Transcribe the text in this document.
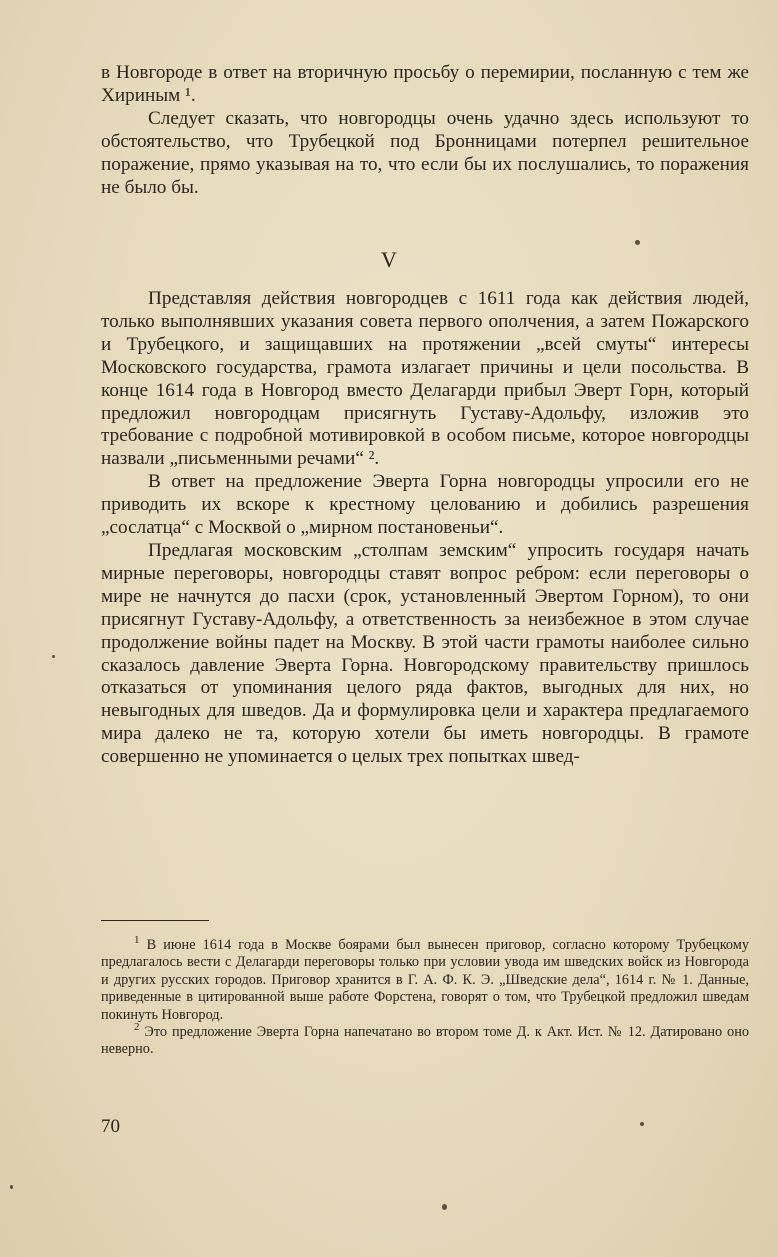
в Новгороде в ответ на вторичную просьбу о перемирии, посланную с тем же Хириным ¹.

Следует сказать, что новгородцы очень удачно здесь используют то обстоятельство, что Трубецкой под Бронницами потерпел решительное поражение, прямо указывая на то, что если бы их послушались, то поражения не было бы.

V

Представляя действия новгородцев с 1611 года как действия людей, только выполнявших указания совета первого ополчения, а затем Пожарского и Трубецкого, и защищавших на протяжении „всей смуты“ интересы Московского государства, грамота излагает причины и цели посольства. В конце 1614 года в Новгород вместо Делагарди прибыл Эверт Горн, который предложил новгородцам присягнуть Густаву-Адольфу, изложив это требование с подробной мотивировкой в особом письме, которое новгородцы назвали „письменными речами“ ².

В ответ на предложение Эверта Горна новгородцы упросили его не приводить их вскоре к крестному целованию и добились разрешения „сослатца“ с Москвой о „мирном постановеньи“.

Предлагая московским „столпам земским“ упросить государя начать мирные переговоры, новгородцы ставят вопрос ребром: если переговоры о мире не начнутся до пасхи (срок, установленный Эвертом Горном), то они присягнут Густаву-Адольфу, а ответственность за неизбежное в этом случае продолжение войны падет на Москву. В этой части грамоты наиболее сильно сказалось давление Эверта Горна. Новгородскому правительству пришлось отказаться от упоминания целого ряда фактов, выгодных для них, но невыгодных для шведов. Да и формулировка цели и характера предлагаемого мира далеко не та, которую хотели бы иметь новгородцы. В грамоте совершенно не упоминается о целых трех попытках швед-

$^1$ В июне 1614 года в Москве боярами был вынесен приговор, согласно которому Трубецкому предлагалось вести с Делагарди переговоры только при условии увода им шведских войск из Новгорода и других русских городов. Приговор хранится в Г. А. Ф. К. Э. „Шведские дела“, 1614 г. № 1. Данные, приведенные в цитированной выше работе Форстена, говорят о том, что Трубецкой предложил шведам покинуть Новгород.

$^2$ Это предложение Эверта Горна напечатано во втором томе Д. к Акт. Ист. № 12. Датировано оно неверно.

70
